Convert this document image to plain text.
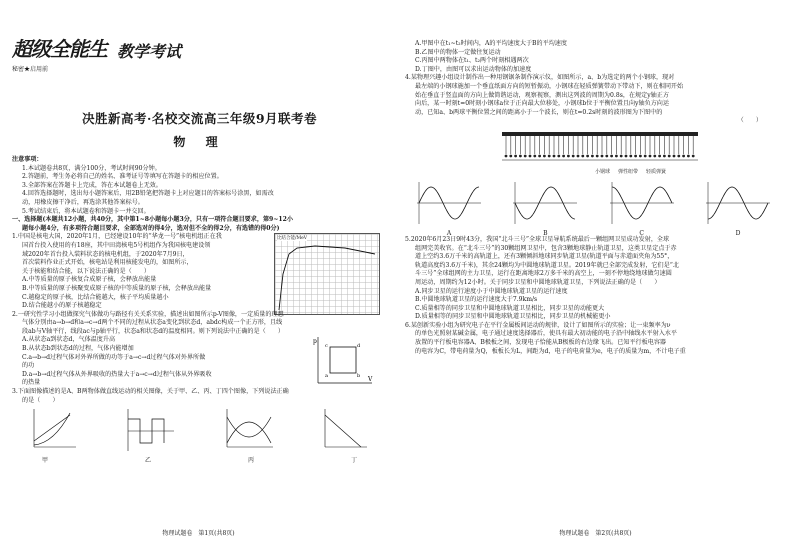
超级全能生 教学考试
秘密★启用前
决胜新高考·名校交流高三年级9月联考卷
物 理

注意事项：

1.本试题卷共8页，满分100分，考试时间90分钟。

2.答题前，考生务必将自己的姓名、准考证号等填写在答题卡的相应位置。

3.全部答案在答题卡上完成，答在本试题卷上无效。

4.回答选择题时，选出每小题答案后，用2B铅笔把答题卡上对应题目的答案标号涂黑，如需改

动，用橡皮擦干净后，再选涂其他答案标号。

5.考试结束后，将本试题卷和答题卡一并交回。

一、选择题(本题共12小题，共40分，其中第1~8小题每小题3分，只有一项符合题目要求，第9~12小

题每小题4分，有多项符合题目要求，全部选对的得4分，选对但不全的得2分，有选错的得0分)

1.中国是核电大国，2020年1月，已经建设10年的“华龙一号”核电机组正在我

国首台投入使用的有18座，其中田湾核电5号机组作为我国核电建设领

域2020年首台投入装料状态的核电机组，于2020年7月9日，

首次装料作业正式开始，核电站是利用核能发电的，如图所示，

关于核能和结合能，以下说法正确的是（　　）

A.中等质量的原子核复合成原子核，会释放出能量

B.中等质量的原子核聚变成原子核的中等质量的原子核，会释放出能量

C.越稳定的原子核，比结合能越大，核子平均质量越小

D.结合能越小的原子核越稳定

比结合能/MeV

2.一研究性学习小组做探究气体做功与路径有关关系实验，描述出如图所示p-V图像，一定质量的理想

气体分别由a→b→d和a→c→d两个不同的过程从状态a变化到状态d，abdc构成一个正方形，且线

段ab与V轴平行，线段ac与p轴平行，状态a和状态d的温度相同。则下列说法中正确的是（　　）

A.从状态a到状态d，气体温度升高

B.从状态b到状态d的过程，气体内能增加

C.a→b→d过程气体对外界所做的功等于a→c→d过程气体对外界所做

的功

D.a→b→d过程气体从外界吸收的热量大于a→c→d过程气体从外界吸收

的热量

p
V
a	b
c	d

3.下面图像描述的是A、B两物体做直线运动的相关图像，关于甲、乙、丙、丁四个图像，下列说法正确

的是（　　）

甲	乙	丙	丁
物理试题卷　第1页(共8页)

A.甲图中在t₁~t₂时间内，A的平均速度大于B的平均速度

B.乙图中的物体一定做往复运动

C.丙图中两物体在t₁、t₂两个时刻相遇两次

D.丁图中，由图可以求出运动物体的加速度

4.某物理兴趣小组设计制作出一种用钢锯条制作演示仪，如图所示，a、b为选定的两个小钢球，现对

最左端的小钢球施加一个垂直纸面方向的短暂振动，小钢球在轻质弹簧带动下带动下，则在相同开始

始在垂直于竖直面的方向上做简谐运动，观察视察，测出这列波的周期为0.8s，在规定y轴正方

向后，某一时刻t=0时刻小钢球a位于正向最大位移处，小钢球b位于平衡位置且向y轴负方向运

动，已知a、b两球平衡位置之间的距离小于一个波长，则在t=0.2s时刻的波形图为下图中的

（　　）

小钢球 弹性纽带 轻质弹簧
A	B	C	D

5.2020年6月23日9时43分，我国“北斗三号”全球卫星导航系统最后一颗组网卫星成功发射，全球

组网完美收官。在“北斗三号”的30颗组网卫星中，包含3颗地球静止轨道卫星，这类卫星定点于赤

道上空约3.6万千米的高轨道上，还有3颗倾斜地球同步轨道卫星(轨道平面与赤道面夹角为55°，

轨道高度约3.6万千米)，其余24颗均为中圆地球轨道卫星。2019年就已全部完成发射，它们是“北

斗三号”全球组网的主力卫星，运行在距离地球2万多千米的高空上，一刻不停地绕地球做匀速圆

周运动，周期约为12小时。关于同步卫星和中圆地球轨道卫星，下列说法正确的是（　　）

A.同步卫星的运行速度小于中圆地球轨道卫星的运行速度

B.中圆地球轨道卫星的运行速度大于7.9km/s

C.质量相等的同步卫星和中圆地球轨道卫星相比，同步卫星的动能更大

D.质量相等的同步卫星和中圆地球轨道卫星相比，同步卫星的机械能更小

6.某创新实验小组为研究电子在平行金属板间运动的规律，设计了如图所示的实验；让一束频率为ν

的单色光照射某碱金属，电子通过速度选择器后，使具有最大初动能的电子沿中轴线水平射入水平

放置的平行板电容器A、B极板之间，发现电子恰能从B极板的右边缘飞出。已知平行板电容器

的电容为C，带电荷量为Q，板板长为L，间距为d，电子的电荷量为e，电子的质量为m，不计电子重

物理试题卷　第2页(共8页)
